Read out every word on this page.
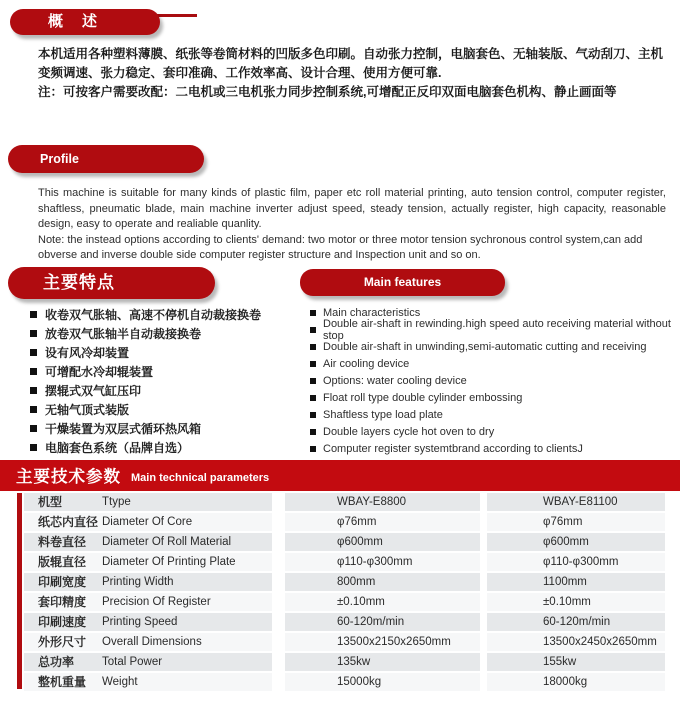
概　述

本机适用各种塑料薄膜、纸张等卷筒材料的凹版多色印刷。自动张力控制，电脑套色、无轴装版、气动刮刀、主机变频调速、张力稳定、套印准确、工作效率高、设计合理、使用方便可靠.

注：可按客户需要改配：二电机或三电机张力同步控制系统,可增配正反印双面电脑套色机构、静止画面等

Profile

This machine is suitable for many kinds of plastic film, paper etc roll material printing, auto tension control, computer register, shaftless, pneumatic blade, main machine inverter adjust speed, steady tension, actually register, high capacity, reasonable design, easy to operate and realiable quanlity.

Note: the instead options according to clients' demand: two motor or three motor tension sychronous control system,can add obverse and inverse double side computer register structure and Inspection unit and so on.

主要特点	Main features
收卷双气胀轴、高速不停机自动裁接换卷
放卷双气胀轴半自动裁接换卷
设有风冷却装置
可增配水冷却辊装置
摆辊式双气缸压印
无轴气顶式装版
干燥装置为双层式循环热风箱
电脑套色系统（品牌自选）
Main characteristics
Double air-shaft in rewinding.high speed auto receiving material without stop
Double air-shaft in unwinding,semi-automatic cutting and receiving
Air cooling device
Options: water cooling device
Float roll type double cylinder embossing
Shaftless type load plate
Double layers cycle hot oven to dry
Computer register systemtbrand according to clientsJ
主要技术参数 Main technical parameters
机型	Ttype	WBAY-E8800	WBAY-E81100
纸芯内直径 Diameter Of Core	φ76mm	φ76mm
料卷直径	Diameter Of Roll Material	φ600mm	φ600mm
版辊直径	Diameter Of Printing Plate	φ110-φ300mm	φ110-φ300mm
印刷宽度	Printing Width	800mm	1100mm
套印精度	Precision Of Register	±0.10mm	±0.10mm
印刷速度	Printing Speed	60-120m/min	60-120m/min
外形尺寸	Overall Dimensions	13500x2150x2650mm	13500x2450x2650mm
总功率	Total Power	135kw	155kw
整机重量	Weight	15000kg	18000kg
